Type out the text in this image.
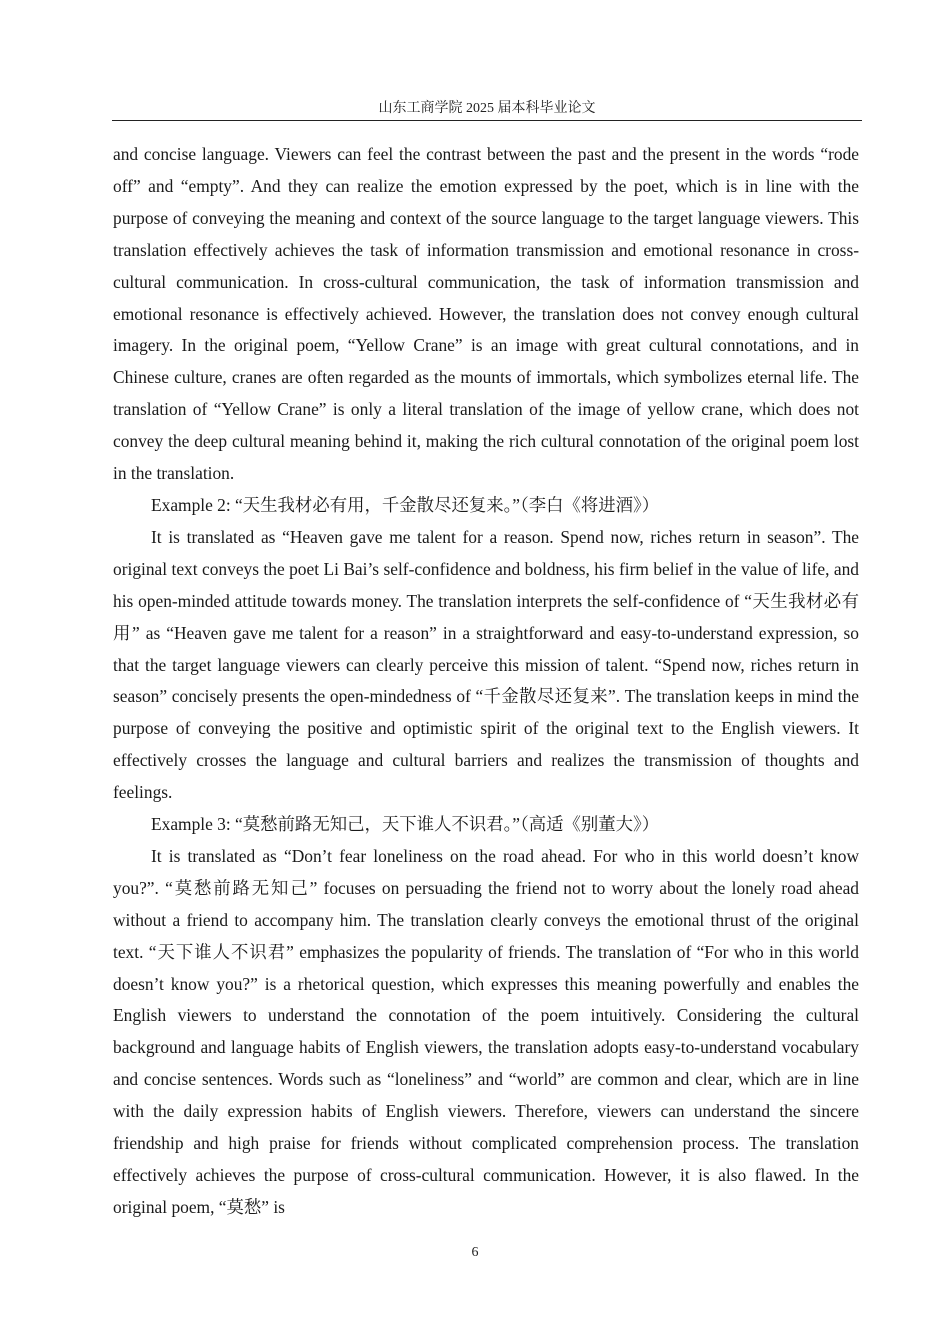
山东工商学院 2025 届本科毕业论文

and concise language. Viewers can feel the contrast between the past and the present in the words “rode off” and “empty”. And they can realize the emotion expressed by the poet, which is in line with the purpose of conveying the meaning and context of the source language to the target language viewers. This translation effectively achieves the task of information transmission and emotional resonance in cross-cultural communication. In cross-cultural communication, the task of information transmission and emotional resonance is effectively achieved. However, the translation does not convey enough cultural imagery. In the original poem, “Yellow Crane” is an image with great cultural connotations, and in Chinese culture, cranes are often regarded as the mounts of immortals, which symbolizes eternal life. The translation of “Yellow Crane” is only a literal translation of the image of yellow crane, which does not convey the deep cultural meaning behind it, making the rich cultural connotation of the original poem lost in the translation.

Example 2: “天生我材必有用，千金散尽还复来。”（李白《将进酒》）

It is translated as “Heaven gave me talent for a reason. Spend now, riches return in season”. The original text conveys the poet Li Bai’s self-confidence and boldness, his firm belief in the value of life, and his open-minded attitude towards money. The translation interprets the self-confidence of “天生我材必有用” as “Heaven gave me talent for a reason” in a straightforward and easy-to-understand expression, so that the target language viewers can clearly perceive this mission of talent. “Spend now, riches return in season” concisely presents the open-mindedness of “千金散尽还复来”. The translation keeps in mind the purpose of conveying the positive and optimistic spirit of the original text to the English viewers. It effectively crosses the language and cultural barriers and realizes the transmission of thoughts and feelings.

Example 3: “莫愁前路无知己，天下谁人不识君。”（高适《别董大》）

It is translated as “Don’t fear loneliness on the road ahead. For who in this world doesn’t know you?”. “莫愁前路无知己” focuses on persuading the friend not to worry about the lonely road ahead without a friend to accompany him. The translation clearly conveys the emotional thrust of the original text. “天下谁人不识君” emphasizes the popularity of friends. The translation of “For who in this world doesn’t know you?” is a rhetorical question, which expresses this meaning powerfully and enables the English viewers to understand the connotation of the poem intuitively. Considering the cultural background and language habits of English viewers, the translation adopts easy-to-understand vocabulary and concise sentences. Words such as “loneliness” and “world” are common and clear, which are in line with the daily expression habits of English viewers. Therefore, viewers can understand the sincere friendship and high praise for friends without complicated comprehension process. The translation effectively achieves the purpose of cross-cultural communication. However, it is also flawed. In the original poem, “莫愁” is

6
